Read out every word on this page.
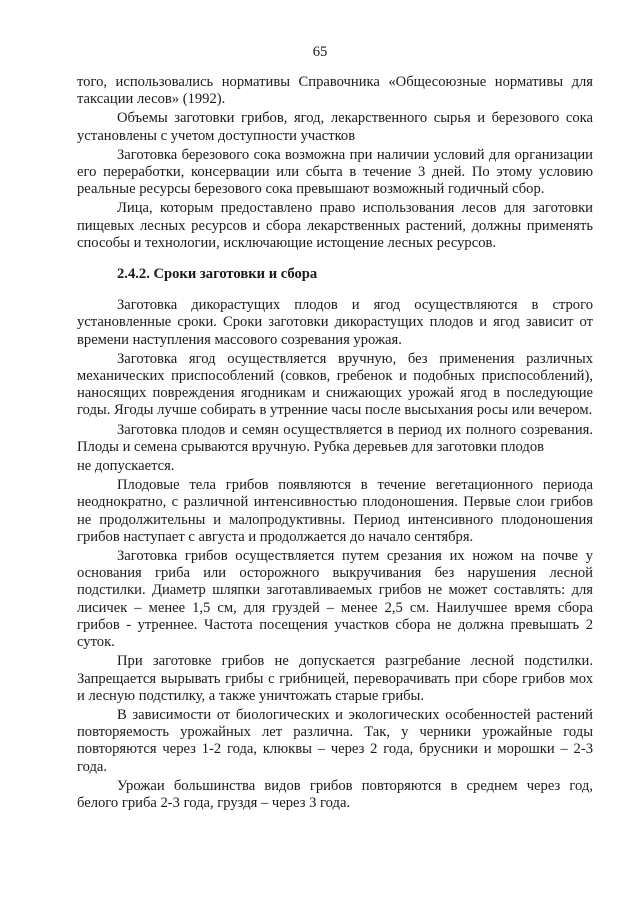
65

того, использовались нормативы Справочника «Общесоюзные нормативы для таксации лесов» (1992).

Объемы заготовки грибов, ягод, лекарственного сырья и березового сока установлены с учетом доступности участков

Заготовка березового сока возможна при наличии условий для организации его переработки, консервации или сбыта в течение 3 дней. По этому условию реальные ресурсы березового сока превышают возможный годичный сбор.

Лица, которым предоставлено право использования лесов для заготовки пищевых лесных ресурсов и сбора лекарственных растений, должны применять способы и технологии, исключающие истощение лесных ресурсов.

2.4.2. Сроки заготовки и сбора

Заготовка дикорастущих плодов и ягод осуществляются в строго установленные сроки. Сроки заготовки дикорастущих плодов и ягод зависит от времени наступления массового созревания урожая.

Заготовка ягод осуществляется вручную, без применения различных механических приспособлений (совков, гребенок и подобных приспособлений), наносящих повреждения ягодникам и снижающих урожай ягод в последующие годы. Ягоды лучше собирать в утренние часы после высыхания росы или вечером.

Заготовка плодов и семян осуществляется в период их полного созревания. Плоды и семена срываются вручную. Рубка деревьев для заготовки плодов

не допускается.

Плодовые тела грибов появляются в течение вегетационного периода неоднократно, с различной интенсивностью плодоношения. Первые слои грибов не продолжительны и малопродуктивны. Период интенсивного плодоношения грибов наступает с августа и продолжается до начало сентября.

Заготовка грибов осуществляется путем срезания их ножом на почве у основания гриба или осторожного выкручивания без нарушения лесной подстилки. Диаметр шляпки заготавливаемых грибов не может составлять: для лисичек – менее 1,5 см, для груздей – менее 2,5 см. Наилучшее время сбора грибов - утреннее. Частота посещения участков сбора не должна превышать 2 суток.

При заготовке грибов не допускается разгребание лесной подстилки. Запрещается вырывать грибы с грибницей, переворачивать при сборе грибов мох и лесную подстилку, а также уничтожать старые грибы.

В зависимости от биологических и экологических особенностей растений повторяемость урожайных лет различна. Так, у черники урожайные годы повторяются через 1-2 года, клюквы – через 2 года, брусники и морошки – 2-3 года.

Урожаи большинства видов грибов повторяются в среднем через год, белого гриба 2-3 года, груздя – через 3 года.
